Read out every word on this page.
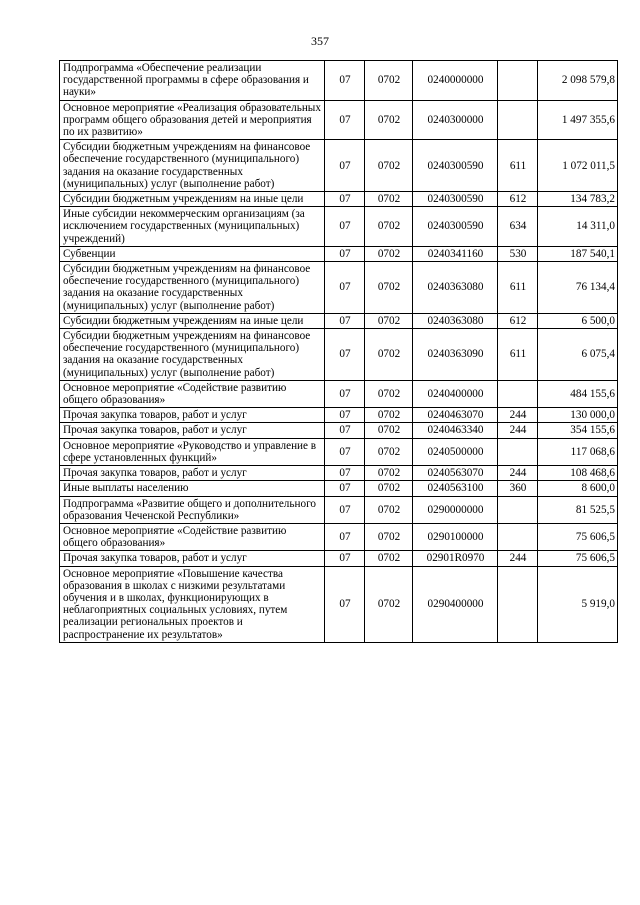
357
Подпрограмма «Обеспечение реализации государственной программы в сфере образования и науки»	07	0702	0240000000		2 098 579,8
Основное мероприятие «Реализация образовательных программ общего образования детей и мероприятия по их развитию»	07	0702	0240300000		1 497 355,6
Субсидии бюджетным учреждениям на финансовое обеспечение государственного (муниципального) задания на оказание государственных (муниципальных) услуг (выполнение работ)	07	0702	0240300590	611	1 072 011,5
Субсидии бюджетным учреждениям на иные цели	07	0702	0240300590	612	134 783,2
Иные субсидии некоммерческим организациям (за исключением государственных (муниципальных) учреждений)	07	0702	0240300590	634	14 311,0
Субвенции	07	0702	0240341160	530	187 540,1
Субсидии бюджетным учреждениям на финансовое обеспечение государственного (муниципального) задания на оказание государственных (муниципальных) услуг (выполнение работ)	07	0702	0240363080	611	76 134,4
Субсидии бюджетным учреждениям на иные цели	07	0702	0240363080	612	6 500,0
Субсидии бюджетным учреждениям на финансовое обеспечение государственного (муниципального) задания на оказание государственных (муниципальных) услуг (выполнение работ)	07	0702	0240363090	611	6 075,4
Основное мероприятие «Содействие развитию общего образования»	07	0702	0240400000		484 155,6
Прочая закупка товаров, работ и услуг	07	0702	0240463070	244	130 000,0
Прочая закупка товаров, работ и услуг	07	0702	0240463340	244	354 155,6
Основное мероприятие «Руководство и управление в сфере установленных функций»	07	0702	0240500000		117 068,6
Прочая закупка товаров, работ и услуг	07	0702	0240563070	244	108 468,6
Иные выплаты населению	07	0702	0240563100	360	8 600,0
Подпрограмма «Развитие общего и дополнительного образования Чеченской Республики»	07	0702	0290000000		81 525,5
Основное мероприятие «Содействие развитию общего образования»	07	0702	0290100000		75 606,5
Прочая закупка товаров, работ и услуг	07	0702	02901R0970	244	75 606,5
Основное мероприятие «Повышение качества образования в школах с низкими результатами обучения и в школах, функционирующих в неблагоприятных социальных условиях, путем реализации региональных проектов и распространение их результатов»	07	0702	0290400000		5 919,0
